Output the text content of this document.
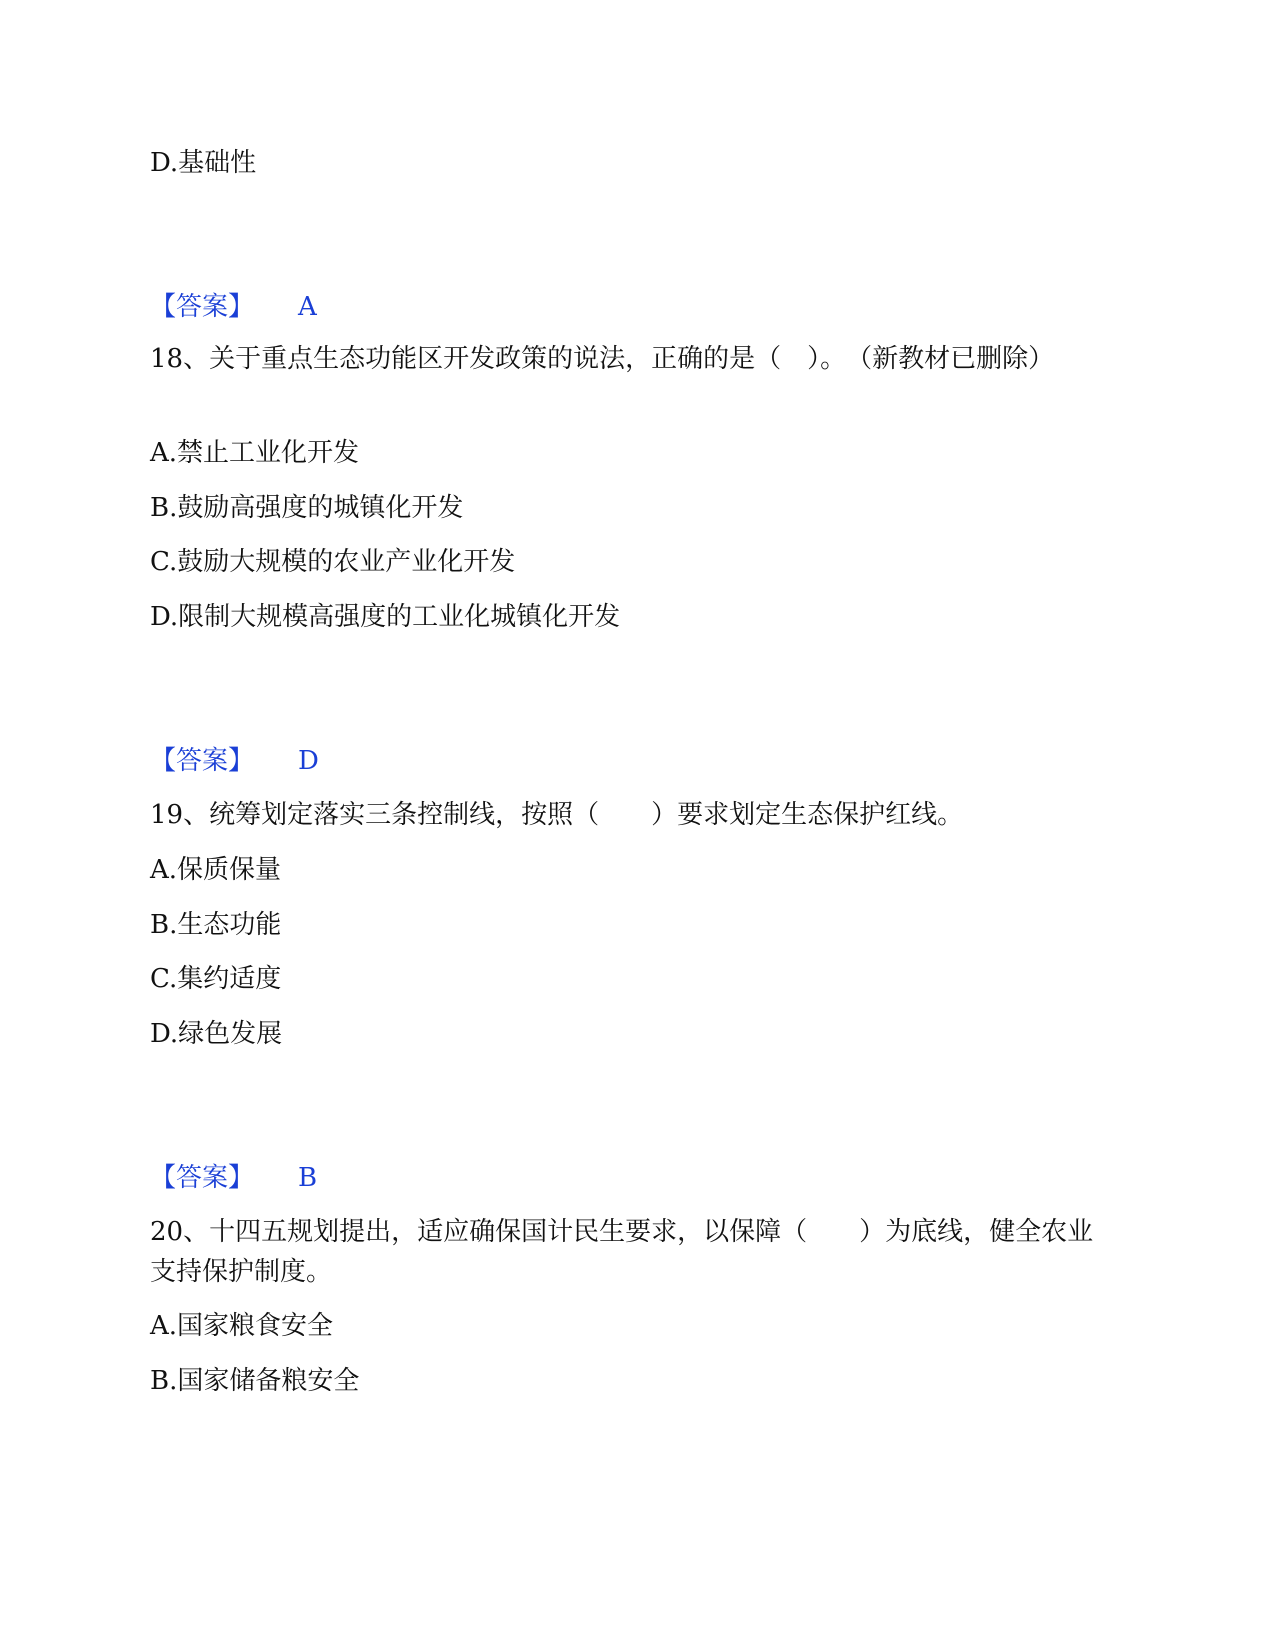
D.基础性
【答案】 A
18、关于重点生态功能区开发政策的说法，正确的是（　）。　（新教材已删除）
A.禁止工业化开发
B.鼓励高强度的城镇化开发
C.鼓励大规模的农业产业化开发
D.限制大规模高强度的工业化城镇化开发
【答案】 D
19、统筹划定落实三条控制线，按照（　　）要求划定生态保护红线。
A.保质保量
B.生态功能
C.集约适度
D.绿色发展
【答案】 B
20、十四五规划提出，适应确保国计民生要求，以保障（　　）为底线，健全农业支持保护制度。
A.国家粮食安全
B.国家储备粮安全
